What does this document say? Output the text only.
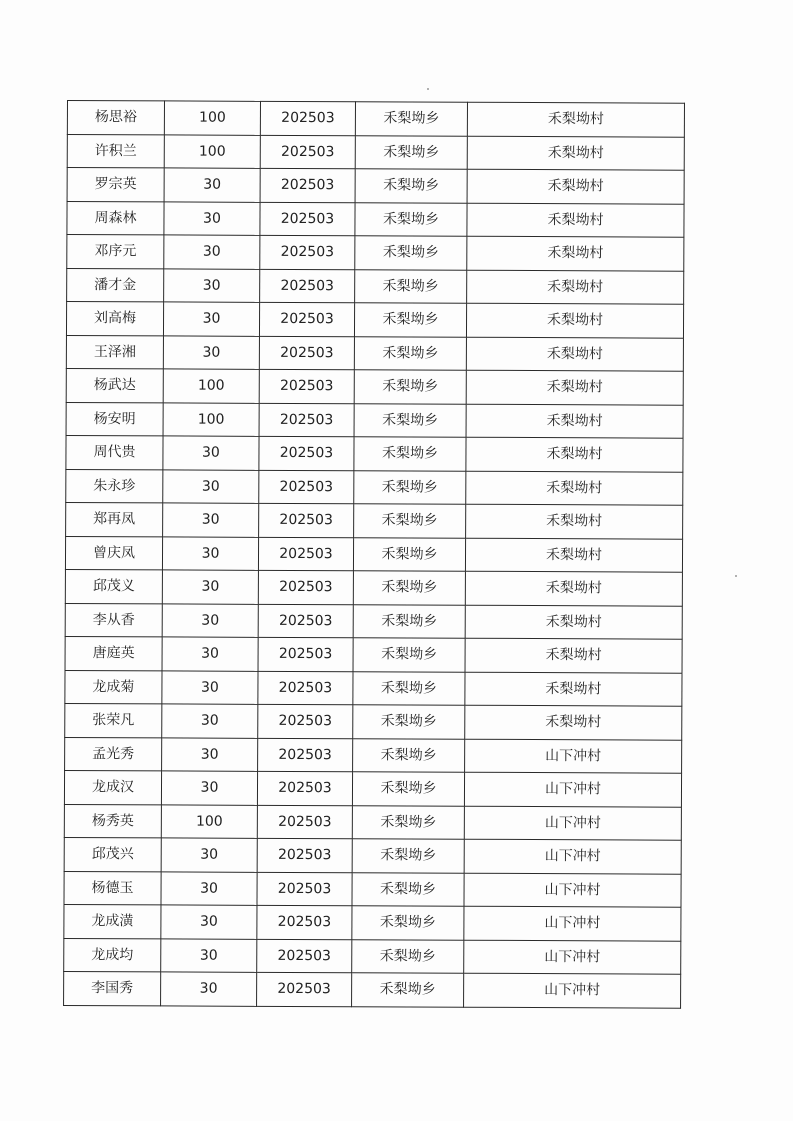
杨思裕	100	202503	禾梨坳乡	禾梨坳村
许积兰	100	202503	禾梨坳乡	禾梨坳村
罗宗英	30	202503	禾梨坳乡	禾梨坳村
周森林	30	202503	禾梨坳乡	禾梨坳村
邓序元	30	202503	禾梨坳乡	禾梨坳村
潘才金	30	202503	禾梨坳乡	禾梨坳村
刘高梅	30	202503	禾梨坳乡	禾梨坳村
王泽湘	30	202503	禾梨坳乡	禾梨坳村
杨武达	100	202503	禾梨坳乡	禾梨坳村
杨安明	100	202503	禾梨坳乡	禾梨坳村
周代贵	30	202503	禾梨坳乡	禾梨坳村
朱永珍	30	202503	禾梨坳乡	禾梨坳村
郑再凤	30	202503	禾梨坳乡	禾梨坳村
曾庆凤	30	202503	禾梨坳乡	禾梨坳村
邱茂义	30	202503	禾梨坳乡	禾梨坳村
李从香	30	202503	禾梨坳乡	禾梨坳村
唐庭英	30	202503	禾梨坳乡	禾梨坳村
龙成菊	30	202503	禾梨坳乡	禾梨坳村
张荣凡	30	202503	禾梨坳乡	禾梨坳村
孟光秀	30	202503	禾梨坳乡	山下冲村
龙成汉	30	202503	禾梨坳乡	山下冲村
杨秀英	100	202503	禾梨坳乡	山下冲村
邱茂兴	30	202503	禾梨坳乡	山下冲村
杨德玉	30	202503	禾梨坳乡	山下冲村
龙成潢	30	202503	禾梨坳乡	山下冲村
龙成均	30	202503	禾梨坳乡	山下冲村
李国秀	30	202503	禾梨坳乡	山下冲村
